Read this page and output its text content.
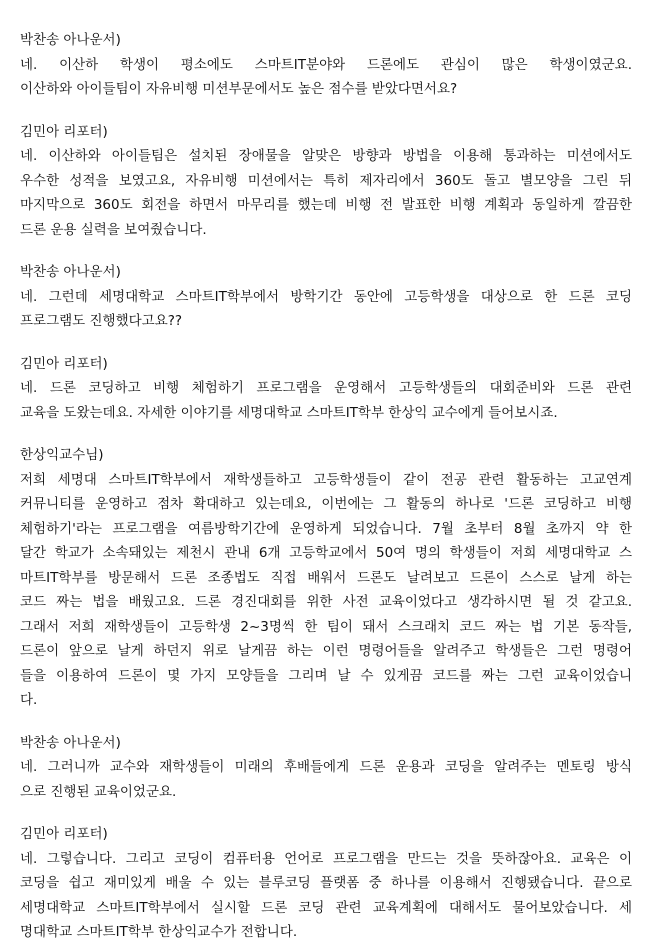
박찬송 아나운서)
네. 이산하 학생이 평소에도 스마트IT분야와 드론에도 관심이 많은 학생이였군요.
이산하와 아이들팀이 자유비행 미션부문에서도 높은 점수를 받았다면서요?
김민아 리포터)
네. 이산하와 아이들팀은 설치된 장애물을 알맞은 방향과 방법을 이용해 통과하는 미션에서도
우수한 성적을 보였고요, 자유비행 미션에서는 특히 제자리에서 360도 돌고 별모양을 그린 뒤
마지막으로 360도 회전을 하면서 마무리를 했는데 비행 전 발표한 비행 계획과 동일하게 깔끔한
드론 운용 실력을 보여줬습니다.
박찬송 아나운서)
네. 그런데 세명대학교 스마트IT학부에서 방학기간 동안에 고등학생을 대상으로 한 드론 코딩
프로그램도 진행했다고요??
김민아 리포터)
네. 드론 코딩하고 비행 체험하기 프로그램을 운영해서 고등학생들의 대회준비와 드론 관련
교육을 도왔는데요. 자세한 이야기를 세명대학교 스마트IT학부 한상익 교수에게 들어보시죠.
한상익교수님)
저희 세명대 스마트IT학부에서 재학생들하고 고등학생들이 같이 전공 관련 활동하는 고교연계
커뮤니티를 운영하고 점차 확대하고 있는데요, 이번에는 그 활동의 하나로 '드론 코딩하고 비행
체험하기'라는 프로그램을 여름방학기간에 운영하게 되었습니다. 7월 초부터 8월 초까지 약 한
달간 학교가 소속돼있는 제천시 관내 6개 고등학교에서 50여 명의 학생들이 저희 세명대학교 스
마트IT학부를 방문해서 드론 조종법도 직접 배워서 드론도 날려보고 드론이 스스로 날게 하는
코드 짜는 법을 배웠고요. 드론 경진대회를 위한 사전 교육이었다고 생각하시면 될 것 같고요.
그래서 저희 재학생들이 고등학생 2~3명씩 한 팀이 돼서 스크래치 코드 짜는 법 기본 동작들,
드론이 앞으로 날게 하던지 위로 날게끔 하는 이런 명령어들을 알려주고 학생들은 그런 명령어
들을 이용하여 드론이 몇 가지 모양들을 그리며 날 수 있게끔 코드를 짜는 그런 교육이었습니
다.
박찬송 아나운서)
네. 그러니까 교수와 재학생들이 미래의 후배들에게 드론 운용과 코딩을 알려주는 멘토링 방식
으로 진행된 교육이었군요.
김민아 리포터)
네. 그렇습니다. 그리고 코딩이 컴퓨터용 언어로 프로그램을 만드는 것을 뜻하잖아요. 교육은 이
코딩을 쉽고 재미있게 배울 수 있는 블루코딩 플랫폼 중 하나를 이용해서 진행됐습니다. 끝으로
세명대학교 스마트IT학부에서 실시할 드론 코딩 관련 교육계획에 대해서도 물어보았습니다. 세
명대학교 스마트IT학부 한상익교수가 전합니다.
